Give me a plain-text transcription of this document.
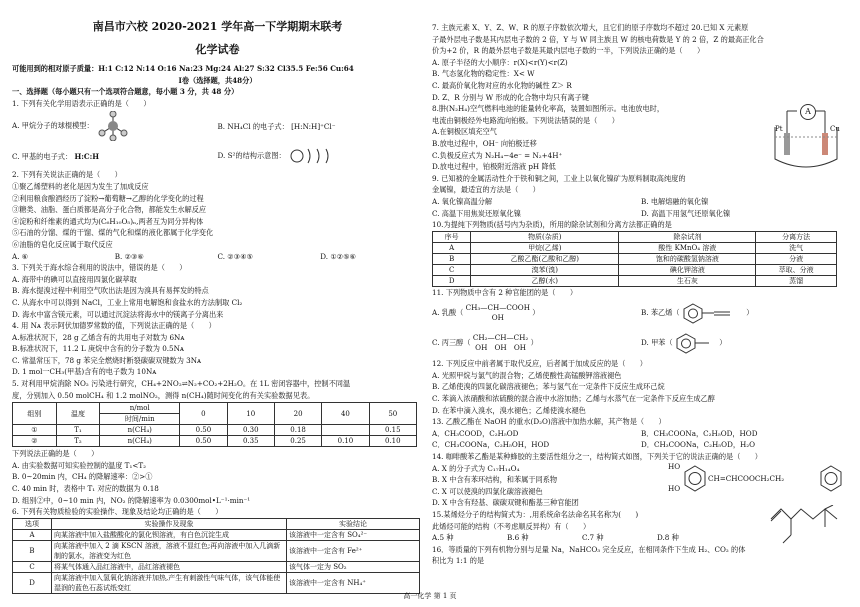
南昌市六校 2020-2021 学年高一下学期期末联考
化学试卷
可能用到的相对原子质量：H:1 C:12 N:14 O:16 Na:23 Mg:24 Al:27 S:32 Cl35.5 Fe:56 Cu:64
Ⅰ卷（选择题，共48分）
一、选择题（每小题只有一个选项符合题意，每小题 3 分，共 48 分）
1. 下列有关化学用语表示正确的是（　　）
A. 甲烷分子的球棍模型：	B. NH₄Cl 的电子式： [H:N:H]⁺Cl⁻
C. 甲基的电子式： H:C:H	D. S²的结构示意图：
2. 下列有关说法正确的是（　　）
①聚乙烯塑料的老化是因为发生了加成反应
②利用粮食酿酒经历了淀粉→葡萄糖→乙醇的化学变化的过程
③糖类、油脂、蛋白质都是高分子化合物，都能发生水解反应
④淀粉和纤维素的通式均为(C₆H₁₀O₅)ₙ,两者互为同分异构体
⑤石油的分馏、煤的干馏、煤的气化和煤的液化都属于化学变化
⑥油脂的皂化反应属于取代反应
A. ⑥	B. ②③⑥	C. ②③④⑤	D. ①②⑤⑥
3. 下列关于海水综合利用的说法中，错误的是（　　）
A. 海带中的碘可以直接用四氯化碳萃取
B. 海水提溴过程中利用空气吹出法是因为溴具有易挥发的特点
C. 从海水中可以得到 NaCl，工业上常用电解饱和食盐水的方法制取 Cl₂
D. 海水中富含镁元素，可以通过沉淀法将海水中的镁离子分离出来
4. 用 Nᴀ 表示阿伏加德罗常数的值，下列说法正确的是（　　）
A.标准状况下，28 g 乙烯含有的共用电子对数为 6Nᴀ
B.标准状况下，11.2 L 庚烷中含有的分子数为 0.5Nᴀ
C. 常温常压下，78 g 苯完全燃烧时断裂碳碳双键数为 3Nᴀ
D. 1 mol一CH₃(甲基)含有的电子数为 10Nᴀ
5. 对利用甲烷消除 NO₂ 污染进行研究，CH₄+2NO₂⇌N₂+CO₂+2H₂O。在 1L 密闭容器中，控制不同温
度，分别加入 0.50 molCH₄ 和 1.2 molNO₂，测得 n(CH₄)随时间变化的有关实验数据见表。
组别	温度	n/mol	0	10	20	40	50
		时间/min					
①	T₁	n(CH₄)	0.50	0.30	0.18		0.15
②	T₂	n(CH₄)	0.50	0.35	0.25	0.10	0.10
下列说法正确的是（　　）
A. 由实验数据可知实验控制的温度 T₁<T₂
B. 0~20min 内，CH₄ 的降解速率：②>①
C. 40 min 时，表格中 T₁ 对应的数据为 0.18
D. 组别②中，0~10 min 内，NO₂ 的降解速率为 0.0300mol•L⁻¹·min⁻¹
6. 下列有关物质检验的实验操作、现象及结论均正确的是（　　）
选项	实验操作及现象	实验结论
A	向某溶液中加入盐酸酸化的氯化钡溶液，有白色沉淀生成	该溶液中一定含有 SO₄²⁻
B	向某溶液中加入 2 滴 KSCN 溶液，溶液不显红色;再向溶液中加入几滴新制的氯水，溶液变为红色	该溶液中一定含有 Fe²⁺
C	将某气体通入品红溶液中，品红溶液褪色	该气体一定为 SO₂
D	向某溶液中加入氢氧化钠溶液并加热,产生有刺激性气味气体，该气体能使湿润的蓝色石蕊试纸变红	该溶液中一定含有 NH₄⁺
7. 主族元素 X、Y、Z、W、R 的原子序数依次增大，且它们的原子序数均不超过 20.已知 X 元素原
子最外层电子数是其内层电子数的 2 倍，Y 与 W 同主族且 W 的核电荷数是 Y 的 2 倍，Z 的最高正化合
价为+2 价，R 的最外层电子数是其最内层电子数的一半，下列说法正确的是（　　）
A. 原子半径的大小顺序：r(X)<r(Y)<r(Z)
B. 气态氢化物的稳定性：X< W
C. 最高价氧化物对应的水化物的碱性 Z＞ R
D. Z、R 分别与 W 形成的化合物中均只有离子键
8.肼(N₂H₄)空气燃料电池的能量转化率高，装置如图所示。电池放电时，
电流由铜极经外电路流向铂极。下列说法错误的是（　　）
A.在铜极区填充空气
B.放电过程中，OH⁻ 向铂极迁移
C.负极反应式为 N₂H₄−4e⁻ = N₂+4H⁺
D.放电过程中，铂极附近溶液 pH 降低
A
Pt	Cu
9. 已知被的金属活动性介于铁和铜之间，工业上以氧化镍矿为原料制取高纯度的
金属镍，最适宜的方法是（　　）
A. 氧化镍高温分解	B. 电解熔融的氧化镍
C. 高温下用焦炭还原氧化镍	D. 高温下用氢气还原氧化镍
10.为提纯下列物质(括号内为杂质)，所用的除杂试剂和分离方法都正确的是
序号	物质(杂质)	除杂试剂	分离方法
A	甲烷(乙烯)	酸性 KMnO₄ 溶液	洗气
B	乙酸乙酯(乙酸和乙醇)	饱和的碳酸氢钠溶液	分液
C	溴苯(溴)	碘化钾溶液	萃取、分液
D	乙醇(水)	生石灰	蒸馏
11. 下列物质中含有 2 种官能团的是（　　）
A. 乳酸（ CH₃—CH—COOH
OH ）	B. 苯乙烯（	）
C. 丙三醇（ CH₂—CH—CH₂
OH　OH　OH ）	D. 甲苯（	）
12. 下列反应中前者属于取代反应，后者属于加成反应的是（　　）
A. 光照甲烷与氯气的混合物；乙烯使酸性高锰酸钾溶液褪色
B. 乙烯使溴的四氯化碳溶液褪色；苯与氢气在一定条件下反应生成环己烷
C. 苯滴入浓硝酸和浓硫酸的混合液中水浴加热；乙烯与水蒸气在一定条件下反应生成乙醇
D. 在苯中滴入溴水，溴水褪色；乙烯使溴水褪色
13. 乙酸乙酯在 NaOH 的重水(D₂O)溶液中加热水解，其产物是（　　）
A．CH₃COOD，C₂H₅OD	B．CH₃COONa，C₂H₅OD，HOD
C．CH₃COONa，C₂H₅OH，HOD	D．CH₃COONa，C₂H₅OD，H₂O
14. 咖啡酸苯乙酯是某种蜂胶的主要活性组分之一，结构简式如图，下列关于它的说法正确的是（　　）
A. X 的分子式为 C₁₇H₁₄O₄
B. X 中含有苯环结构，和苯属于同系物
C. X 可以使溴的四氯化碳溶液褪色
D. X 中含有羟基、碳碳双键和酯基三种官能团
HO
HO
CH=CHCOOCH₂CH₂
15.某烯烃分子的结构简式为：,用系统命名法命名其名称为(　　)
此烯烃可能的结构（不考虑顺反异构）有（　　）
A.5 种	B.6 种	C.7 种	D.8 种
16．等质量的下列有机物分别与足量 Na，NaHCO₃ 完全反应，在相同条件下生成 H₂、CO₂ 的体
积比为 1:1 的是
高一化学 第 1 页
